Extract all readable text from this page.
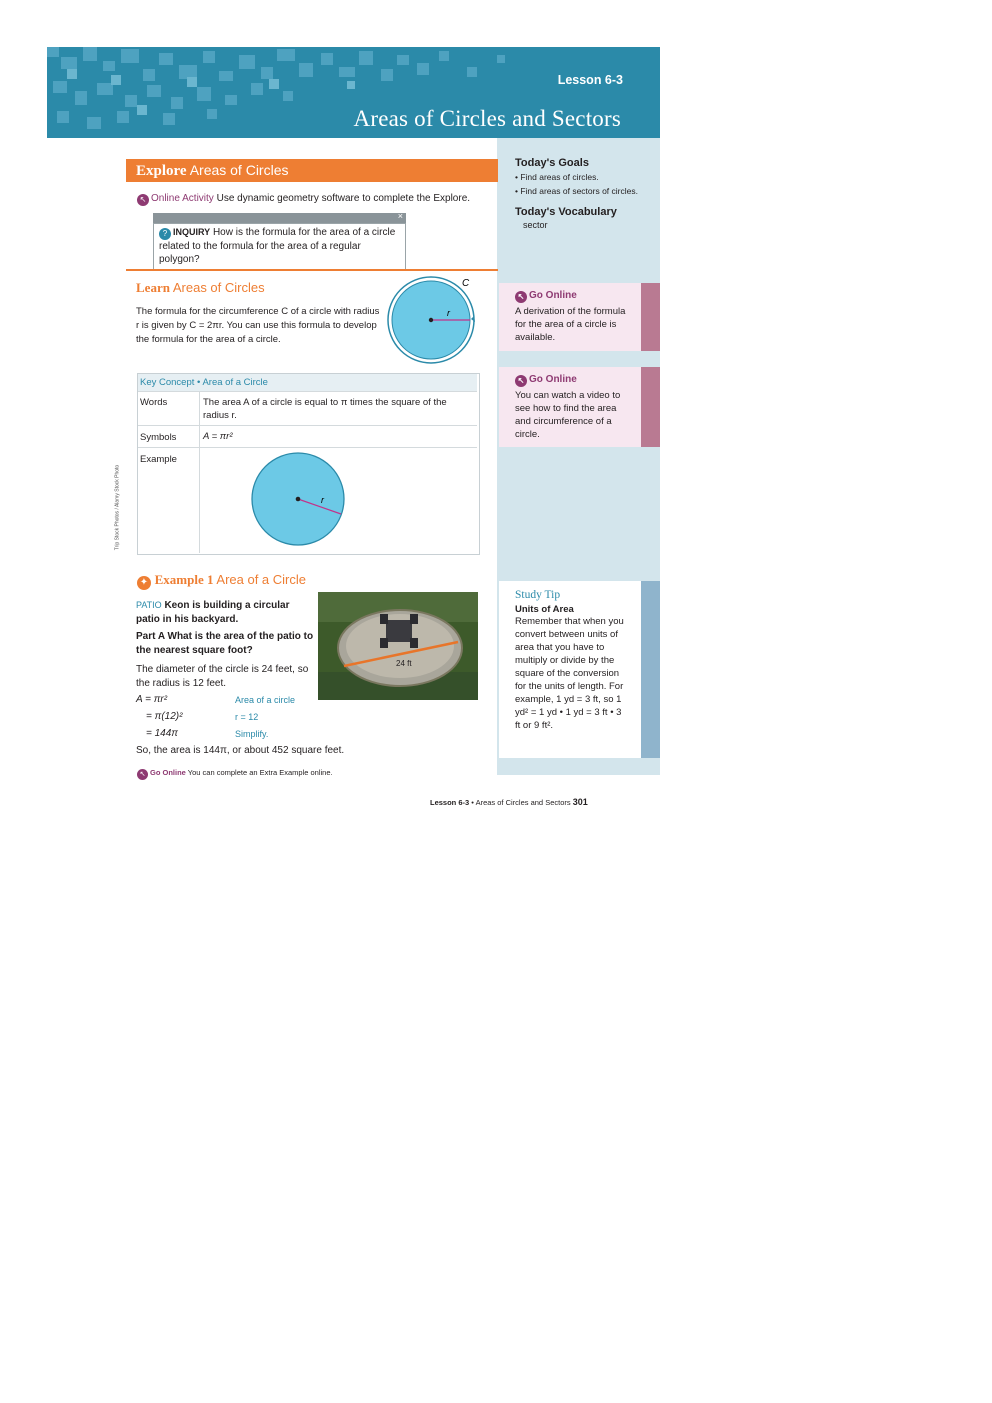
Lesson 6-3
Areas of Circles and Sectors
Today's Goals
• Find areas of circles.
• Find areas of sectors of circles.
Today's Vocabulary
sector
↖ Go Online
A derivation of the formula for the area of a circle is available.
↖ Go Online
You can watch a video to see how to find the area and circumference of a circle.
Study Tip
Units of Area
Remember that when you convert between units of area that you have to multiply or divide by the square of the conversion for the units of length. For example, 1 yd = 3 ft, so 1 yd² = 1 yd • 1 yd = 3 ft • 3 ft or 9 ft².
Explore Areas of Circles
↖ Online Activity Use dynamic geometry software to complete the Explore.
×
? INQUIRY How is the formula for the area of a circle related to the formula for the area of a regular polygon?
Learn Areas of Circles
The formula for the circumference C of a circle with radius r is given by C = 2πr. You can use this formula to develop the formula for the area of a circle.
C
r
Key Concept • Area of a Circle
Words	The area A of a circle is equal to π times the square of the radius r.
Symbols	A = πr²
Example
r
Trip Stock Photos / Alamy Stock Photo
✦ Example 1 Area of a Circle
PATIO Keon is building a circular patio in his backyard.
Part A What is the area of the patio to the nearest square foot?
The diameter of the circle is 24 feet, so the radius is 12 feet.
A = πr²	Area of a circle
= π(12)²	r = 12
= 144π	Simplify.
So, the area is 144π, or about 452 square feet.
24 ft
↖ Go Online You can complete an Extra Example online.
Lesson 6-3 • Areas of Circles and Sectors 301
